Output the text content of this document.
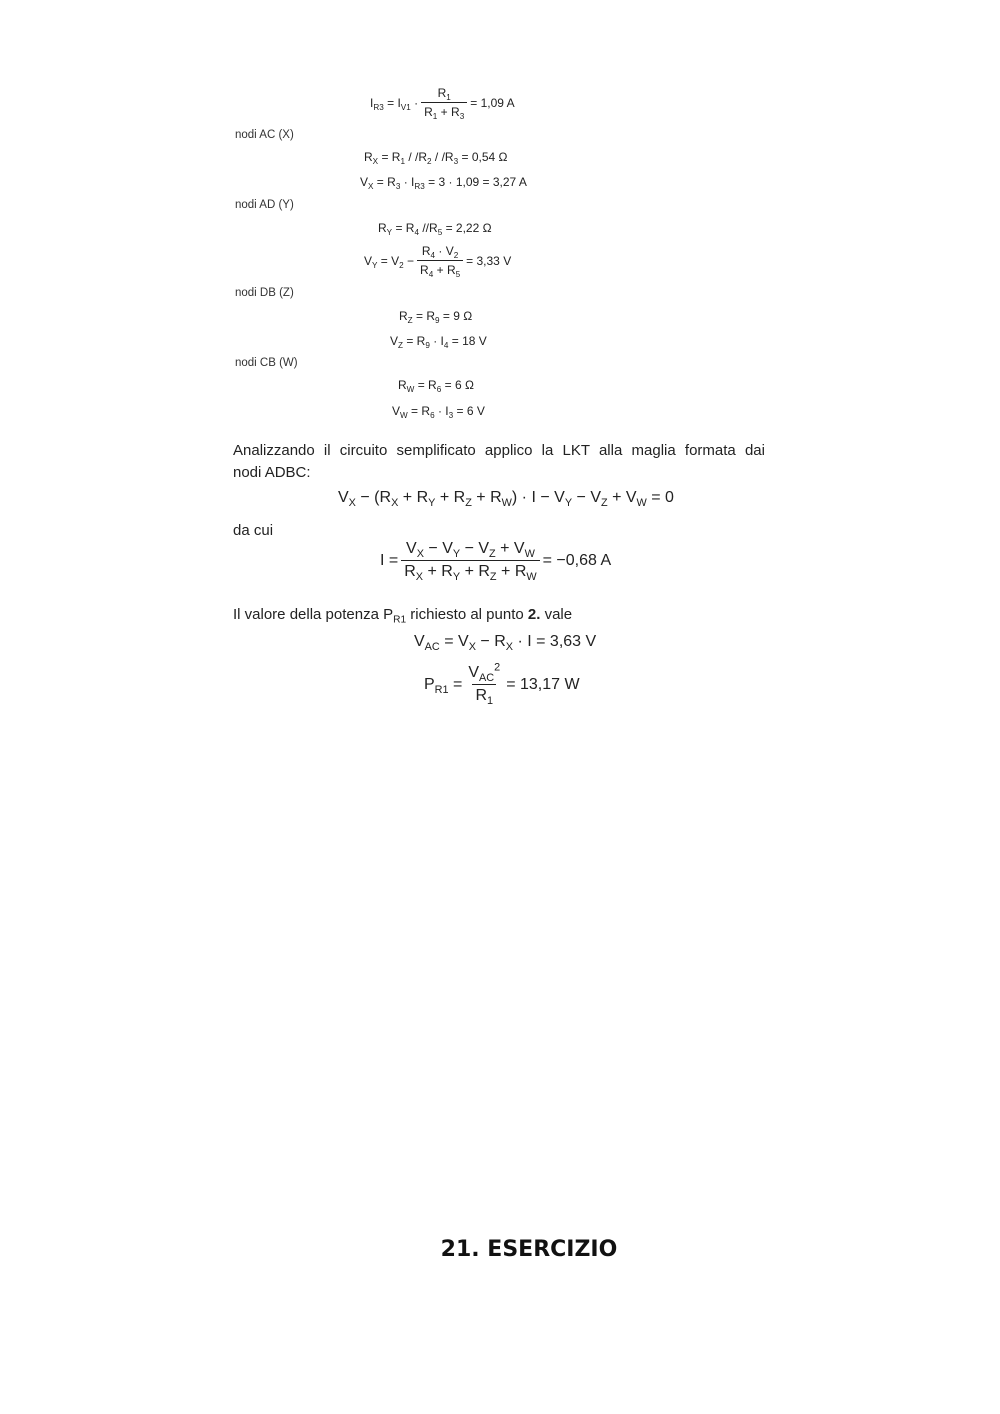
$I_{R3} = I_{V1} \cdot \frac{R_1}{R_1 + R_3} = 1,09$ A
nodi AC (X)
$R_X = R_1 / /R_2 / /R_3 = 0,54$ Ω
$V_X = R_3 \cdot I_{R3} = 3 \cdot 1,09 = 3,27$ A
nodi AD (Y)
$R_Y = R_4$ $//R_5 = 2,22$ Ω
$V_Y = V_2 - \frac{R_4 \cdot V_2}{R_4 + R_5} = 3,33$ V
nodi DB (Z)
$R_Z = R_9 = 9$ Ω
$V_Z = R_9 \cdot I_4 = 18$ V
nodi CB (W)
$R_W = R_6 = 6$ Ω
$V_W = R_6 \cdot I_3 = 6$ V
Analizzando il circuito semplificato applico la LKT alla maglia formata dai
nodi ADBC:
$V_X - (R_X + R_Y + R_Z + R_W) \cdot I - V_Y - V_Z + V_W = 0$
da cui
$I = \frac{V_X - V_Y - V_Z + V_W}{R_X + R_Y + R_Z + R_W} = -0,68$ A
Il valore della potenza $P_{R1}$ richiesto al punto 2. vale
$V_{AC} = V_X - R_X \cdot I = 3,63$ V
$P_{R1} = \frac{V_{AC}^2}{R_1} = 13,17$ W
21. ESERCIZIO
